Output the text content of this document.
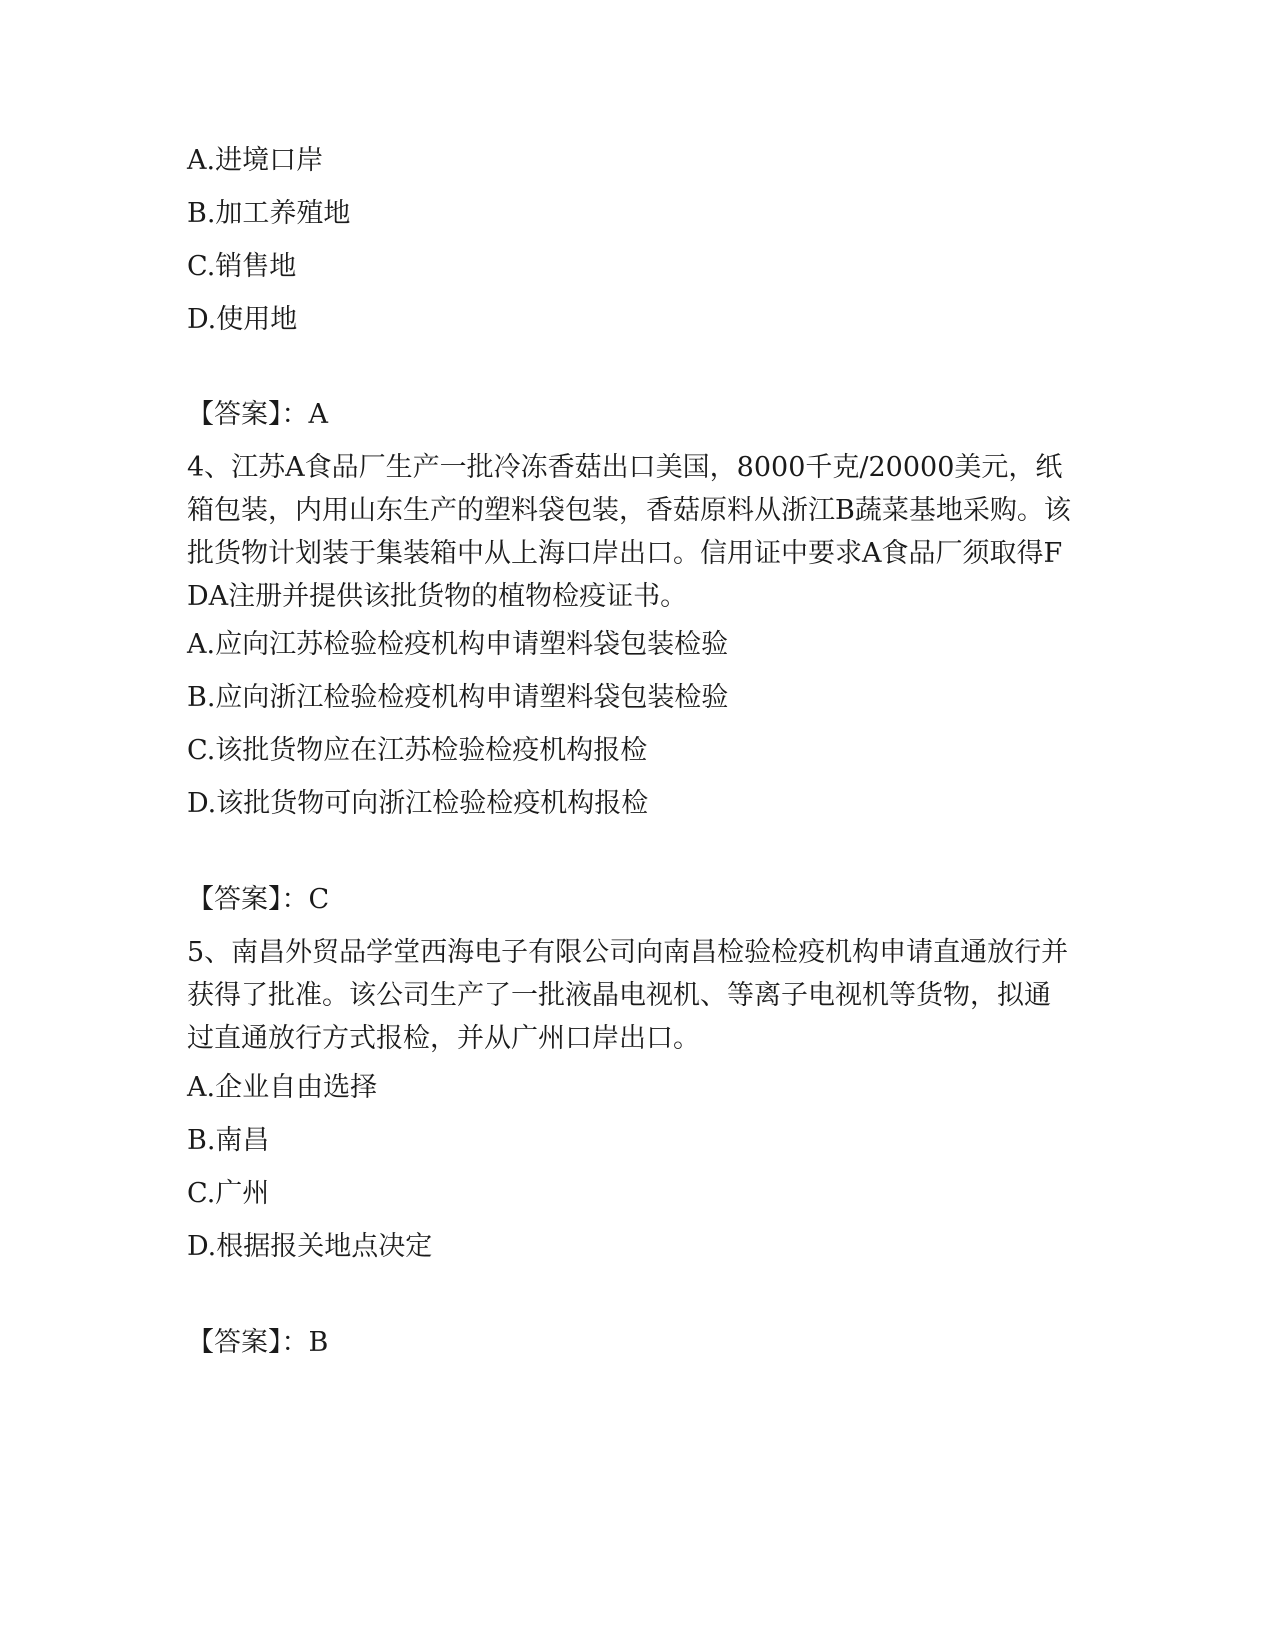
A.进境口岸
B.加工养殖地
C.销售地
D.使用地
【答案】：A
4、江苏A食品厂生产一批冷冻香菇出口美国，8000千克/20000美元，纸箱包装，内用山东生产的塑料袋包装，香菇原料从浙江B蔬菜基地采购。该批货物计划装于集装箱中从上海口岸出口。信用证中要求A食品厂须取得FDA注册并提供该批货物的植物检疫证书。
A.应向江苏检验检疫机构申请塑料袋包装检验
B.应向浙江检验检疫机构申请塑料袋包装检验
C.该批货物应在江苏检验检疫机构报检
D.该批货物可向浙江检验检疫机构报检
【答案】：C
5、南昌外贸品学堂西海电子有限公司向南昌检验检疫机构申请直通放行并获得了批准。该公司生产了一批液晶电视机、等离子电视机等货物，拟通过直通放行方式报检，并从广州口岸出口。
A.企业自由选择
B.南昌
C.广州
D.根据报关地点决定
【答案】：B
